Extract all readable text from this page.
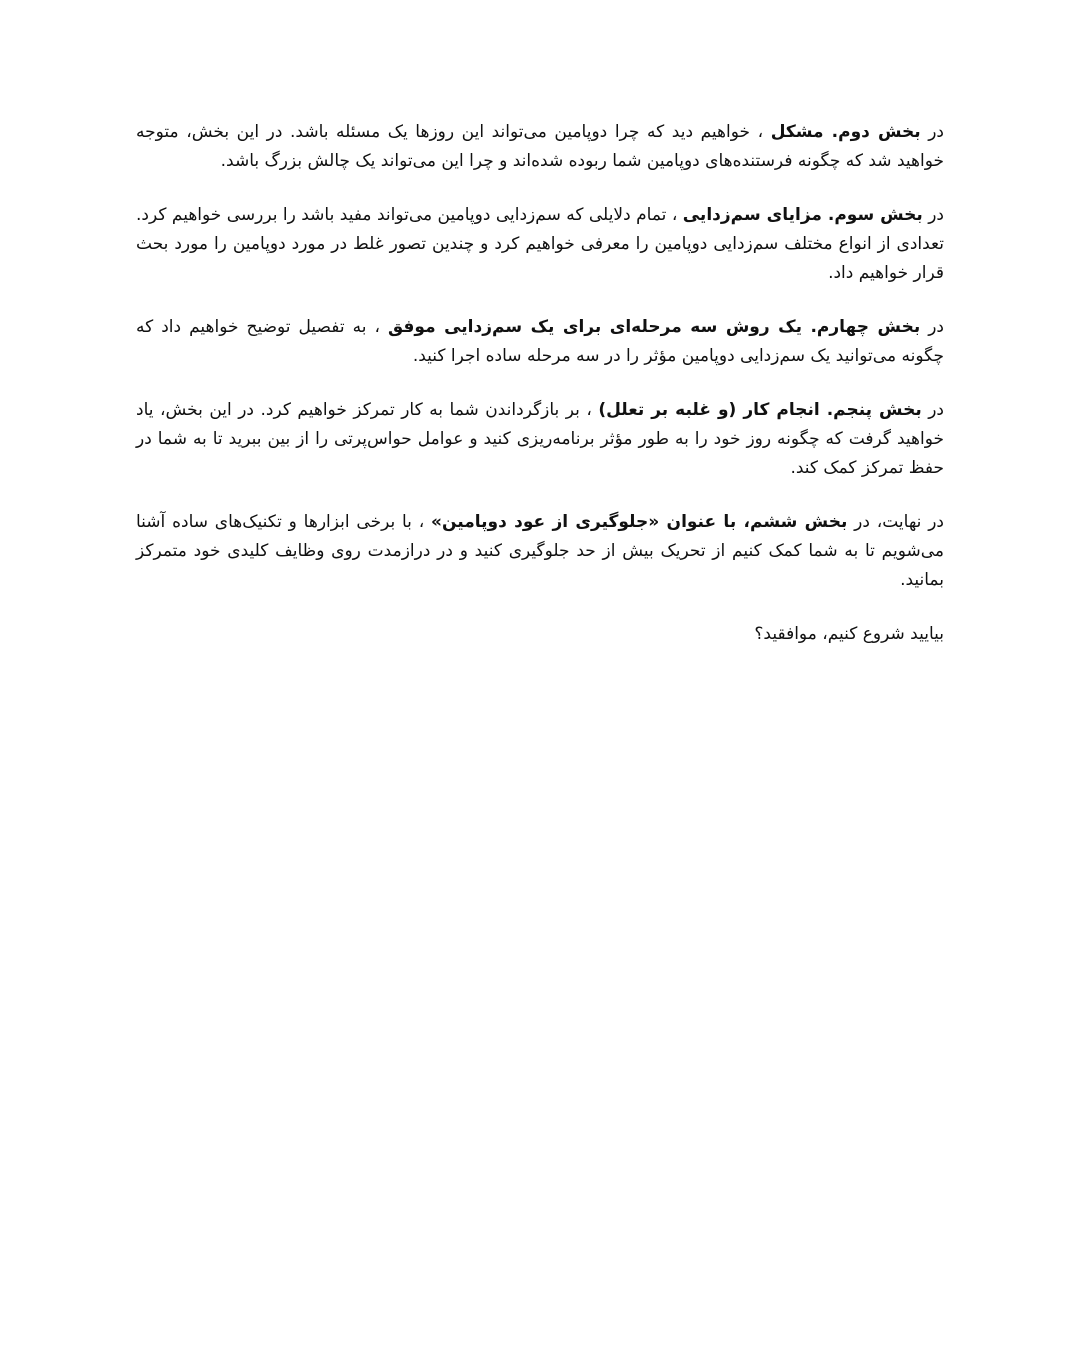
در بخش دوم. مشکل ، خواهیم دید که چرا دوپامین می‌تواند این روزها یک مسئله باشد. در این بخش، متوجه خواهید شد که چگونه فرستنده‌های دوپامین شما ربوده شده‌اند و چرا این می‌تواند یک چالش بزرگ باشد.

در بخش سوم. مزایای سم‌زدایی ، تمام دلایلی که سم‌زدایی دوپامین می‌تواند مفید باشد را بررسی خواهیم کرد. تعدادی از انواع مختلف سم‌زدایی دوپامین را معرفی خواهیم کرد و چندین تصور غلط در مورد دوپامین را مورد بحث قرار خواهیم داد.

در بخش چهارم. یک روش سه مرحله‌ای برای یک سم‌زدایی موفق ، به تفصیل توضیح خواهیم داد که چگونه می‌توانید یک سم‌زدایی دوپامین مؤثر را در سه مرحله ساده اجرا کنید.

در بخش پنجم. انجام کار (و غلبه بر تعلل) ، بر بازگرداندن شما به کار تمرکز خواهیم کرد. در این بخش، یاد خواهید گرفت که چگونه روز خود را به طور مؤثر برنامه‌ریزی کنید و عوامل حواس‌پرتی را از بین ببرید تا به شما در حفظ تمرکز کمک کند.

در نهایت، در بخش ششم، با عنوان «جلوگیری از عود دوپامین» ، با برخی ابزارها و تکنیک‌های ساده آشنا می‌شویم تا به شما کمک کنیم از تحریک بیش از حد جلوگیری کنید و در درازمدت روی وظایف کلیدی خود متمرکز بمانید.

بیایید شروع کنیم، موافقید؟
